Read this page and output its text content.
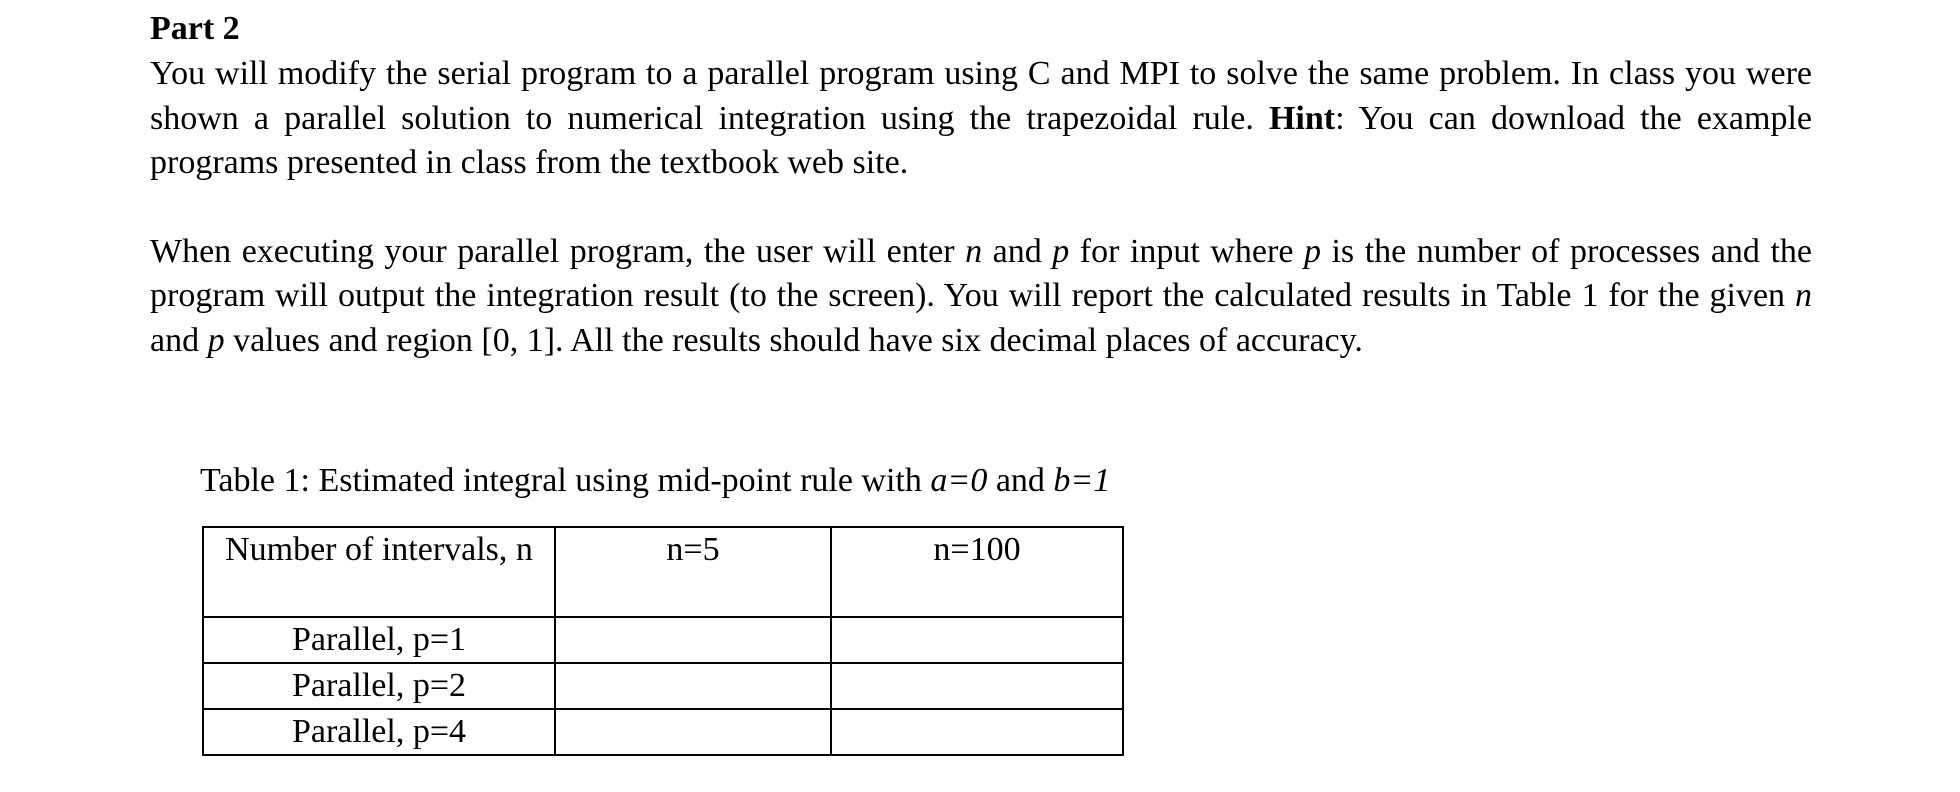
Part 2

You will modify the serial program to a parallel program using C and MPI to solve the same problem. In class you were shown a parallel solution to numerical integration using the trapezoidal rule. Hint: You can download the example programs presented in class from the textbook web site.

When executing your parallel program, the user will enter n and p for input where p is the number of processes and the program will output the integration result (to the screen). You will report the calculated results in Table 1 for the given n and p values and region [0, 1]. All the results should have six decimal places of accuracy.

Table 1: Estimated integral using mid-point rule with a=0 and b=1

Number of intervals, n	n=5	n=100
Parallel, p=1		
Parallel, p=2		
Parallel, p=4		
